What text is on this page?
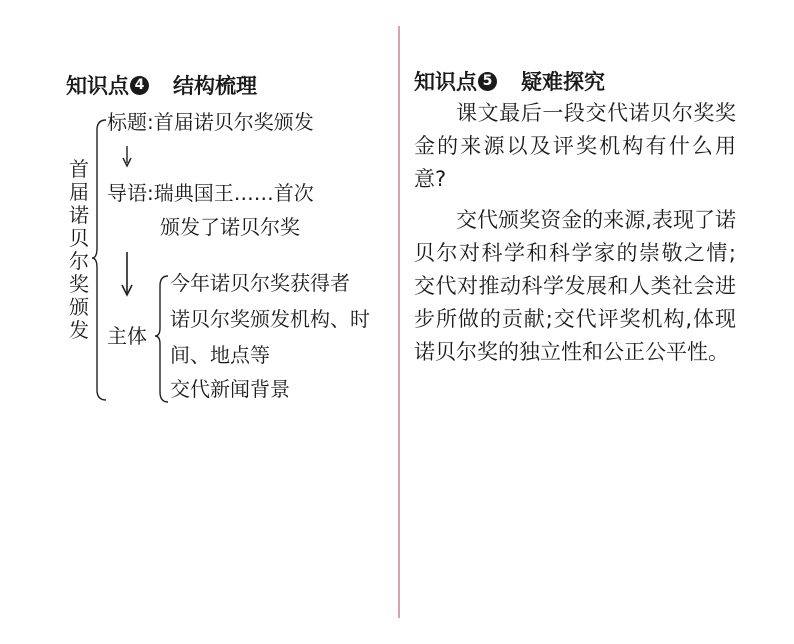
知识点 4 结构梳理
首届诺贝尔奖颁发
标题:首届诺贝尔奖颁发
导语:瑞典国王……首次
颁发了诺贝尔奖
主体
今年诺贝尔奖获得者
诺贝尔奖颁发机构、时
间、地点等
交代新闻背景
知识点 5 疑难探究

课文最后一段交代诺贝尔奖奖金的来源以及评奖机构有什么用意?

交代颁奖资金的来源,表现了诺贝尔对科学和科学家的崇敬之情;交代对推动科学发展和人类社会进步所做的贡献;交代评奖机构,体现诺贝尔奖的独立性和公正公平性。
